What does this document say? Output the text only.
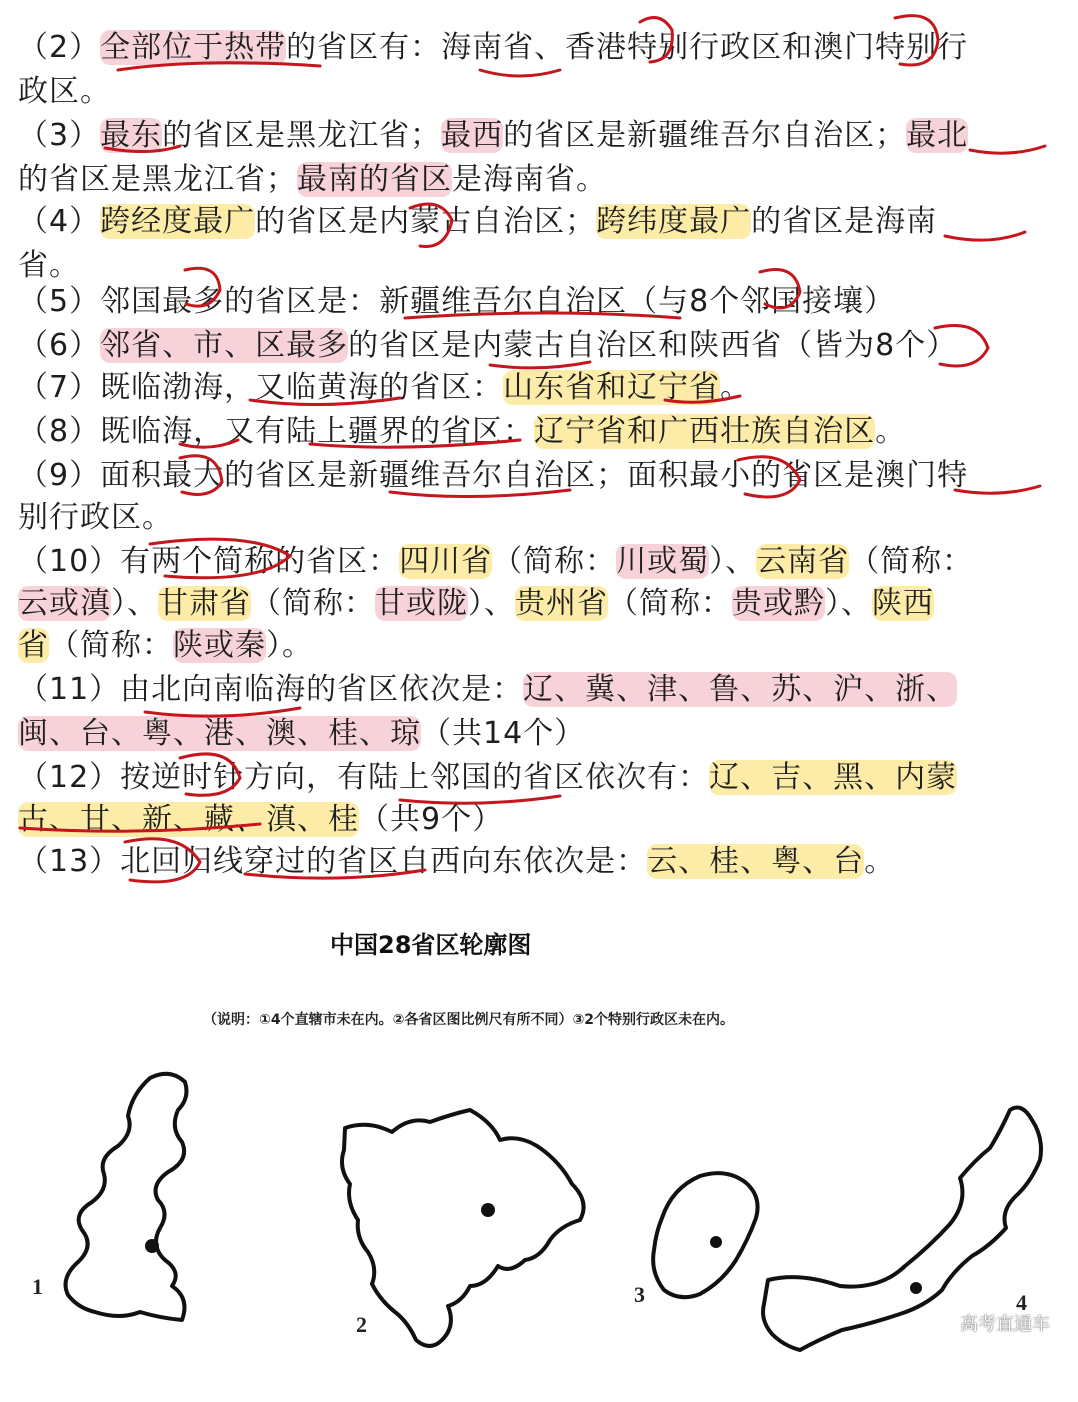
（2）全部位于热带的省区有：海南省、香港特别行政区和澳门特别行
政区。
（3）最东的省区是黑龙江省；最西的省区是新疆维吾尔自治区；最北
的省区是黑龙江省；最南的省区是海南省。
（4）跨经度最广的省区是内蒙古自治区；跨纬度最广的省区是海南
省。
（5）邻国最多的省区是：新疆维吾尔自治区（与8个邻国接壤）
（6）邻省、市、区最多的省区是内蒙古自治区和陕西省（皆为8个）
（7）既临渤海，又临黄海的省区：山东省和辽宁省。
（8）既临海，又有陆上疆界的省区：辽宁省和广西壮族自治区。
（9）面积最大的省区是新疆维吾尔自治区；面积最小的省区是澳门特
别行政区。
（10）有两个简称的省区：四川省（简称：川或蜀）、云南省（简称：
云或滇）、甘肃省（简称：甘或陇）、贵州省（简称：贵或黔）、陕西
省（简称：陕或秦）。
（11）由北向南临海的省区依次是：辽、冀、津、鲁、苏、沪、浙、
闽、台、粤、港、澳、桂、琼（共14个）
（12）按逆时针方向，有陆上邻国的省区依次有：辽、吉、黑、内蒙
古、甘、新、藏、滇、桂（共9个）
（13）北回归线穿过的省区自西向东依次是：云、桂、粤、台。
中国28省区轮廓图
（说明：①4个直辖市未在内。②各省区图比例尺有所不同）③2个特别行政区未在内。
1
2
3	4
高考直通车
